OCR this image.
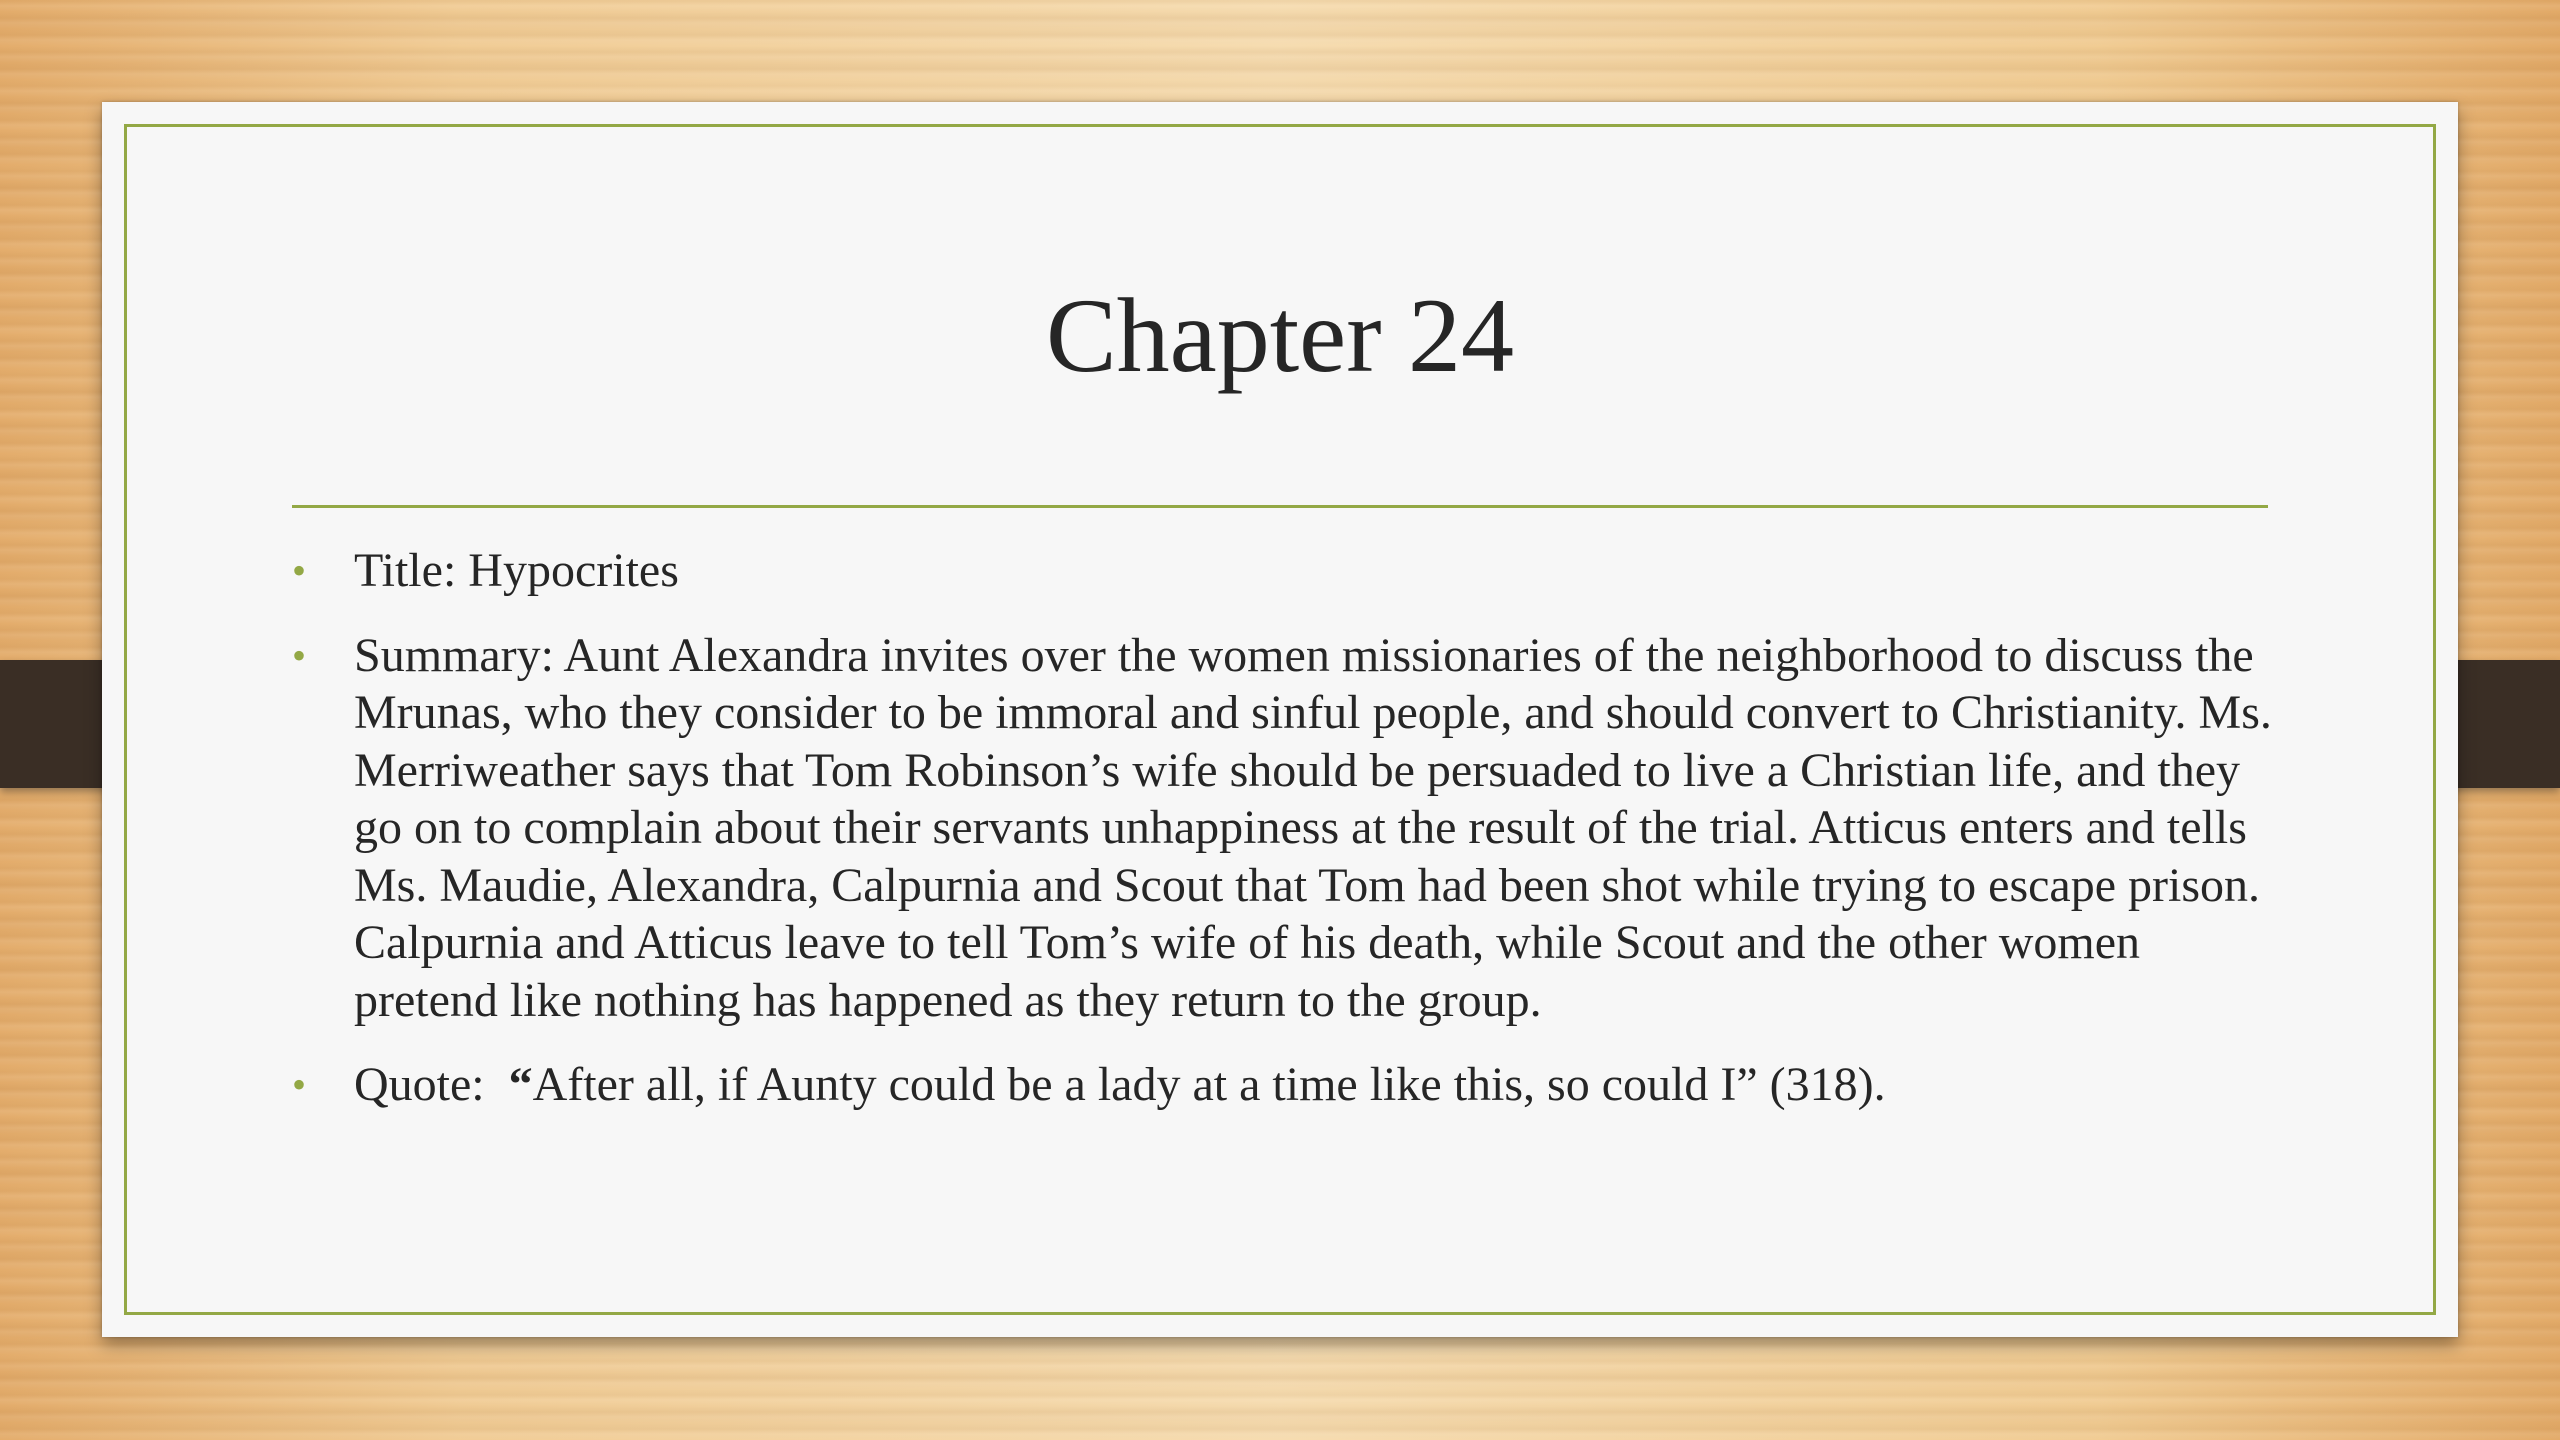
Chapter 24
• Title: Hypocrites
• Summary: Aunt Alexandra invites over the women missionaries of the neighborhood to discuss the Mrunas, who they consider to be immoral and sinful people, and should convert to Christianity. Ms. Merriweather says that Tom Robinson’s wife should be persuaded to live a Christian life, and they go on to complain about their servants unhappiness at the result of the trial. Atticus enters and tells Ms. Maudie, Alexandra, Calpurnia and Scout that Tom had been shot while trying to escape prison. Calpurnia and Atticus leave to tell Tom’s wife of his death, while Scout and the other women pretend like nothing has happened as they return to the group.
• Quote:  “After all, if Aunty could be a lady at a time like this, so could I” (318).
